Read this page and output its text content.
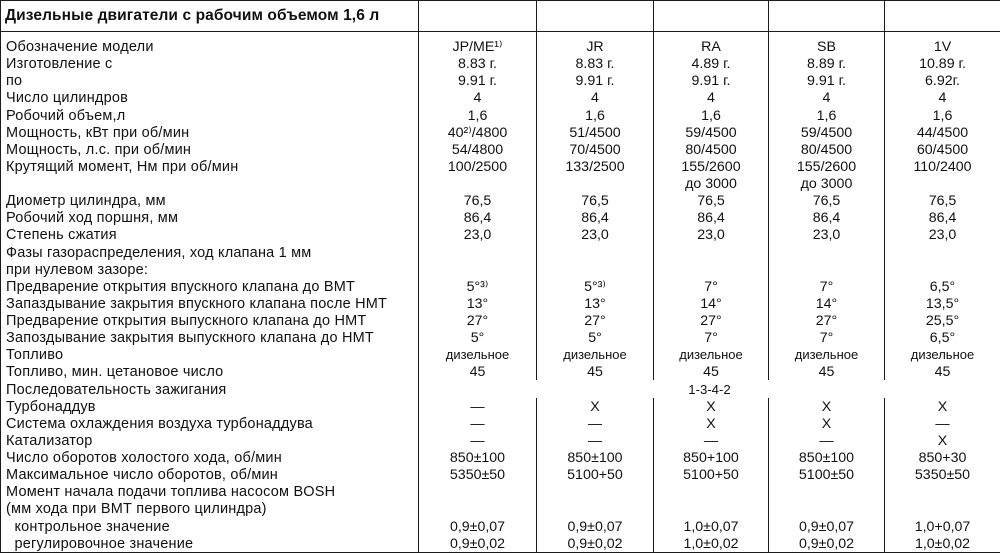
Дизельные двигатели с рабочим объемом 1,6 л					

Обозначение модели	JP/ME¹⁾	JR	RA	SB	1V
Изготовление с	8.83 г.	8.83 г.	4.89 г.	8.89 г.	10.89 г.
по	9.91 г.	9.91 г.	9.91 г.	9.91 г.	6.92г.
Число цилиндров	4	4	4	4	4
Робочий объем,л	1,6	1,6	1,6	1,6	1,6
Мощность, кВт при об/мин	40²⁾/4800	51/4500	59/4500	59/4500	44/4500
Мощность, л.с. при об/мин	54/4800	70/4500	80/4500	80/4500	60/4500
Крутящий момент, Нм при об/мин	100/2500	133/2500	155/2600	155/2600	110/2400
			до 3000	до 3000	
Диометр цилиндра, мм	76,5	76,5	76,5	76,5	76,5
Робочий ход поршня, мм	86,4	86,4	86,4	86,4	86,4
Степень сжатия	23,0	23,0	23,0	23,0	23,0
Фазы газораспределения, ход клапана 1 мм					
при нулевом зазоре:					
Предварение открытия впускного клапана до ВМТ	5°³⁾	5°³⁾	7°	7°	6,5°
Запаздывание закрытия впускного клапана после НМТ	13°	13°	14°	14°	13,5°
Предварение открытия выпускного клапана до НМТ	27°	27°	27°	27°	25,5°
Запоздывание закрытия выпускного клапана до НМТ	5°	5°	7°	7°	6,5°
Топливо	дизельное	дизельное	дизельное	дизельное	дизельное
Топливо, мин. цетановое число	45	45	45	45	45
Последовательность зажигания	1-3-4-2				
Турбонаддув	—	X	X	X	X
Система охлаждения воздуха турбонаддува	—	—	X	X	—
Катализатор	—	—	—	—	X
Число оборотов холостого хода, об/мин	850±100	850±100	850+100	850±100	850+30
Максимальное число оборотов, об/мин	5350±50	5100+50	5100+50	5100±50	5350±50
Момент начала подачи топлива насосом BOSH					
(мм хода при ВМТ первого цилиндра)					
контрольное значение	0,9±0,07	0,9±0,07	1,0±0,07	0,9±0,07	1,0+0,07
регулировочное значение	0,9±0,02	0,9±0,02	1,0±0,02	0,9±0,02	1,0±0,02
